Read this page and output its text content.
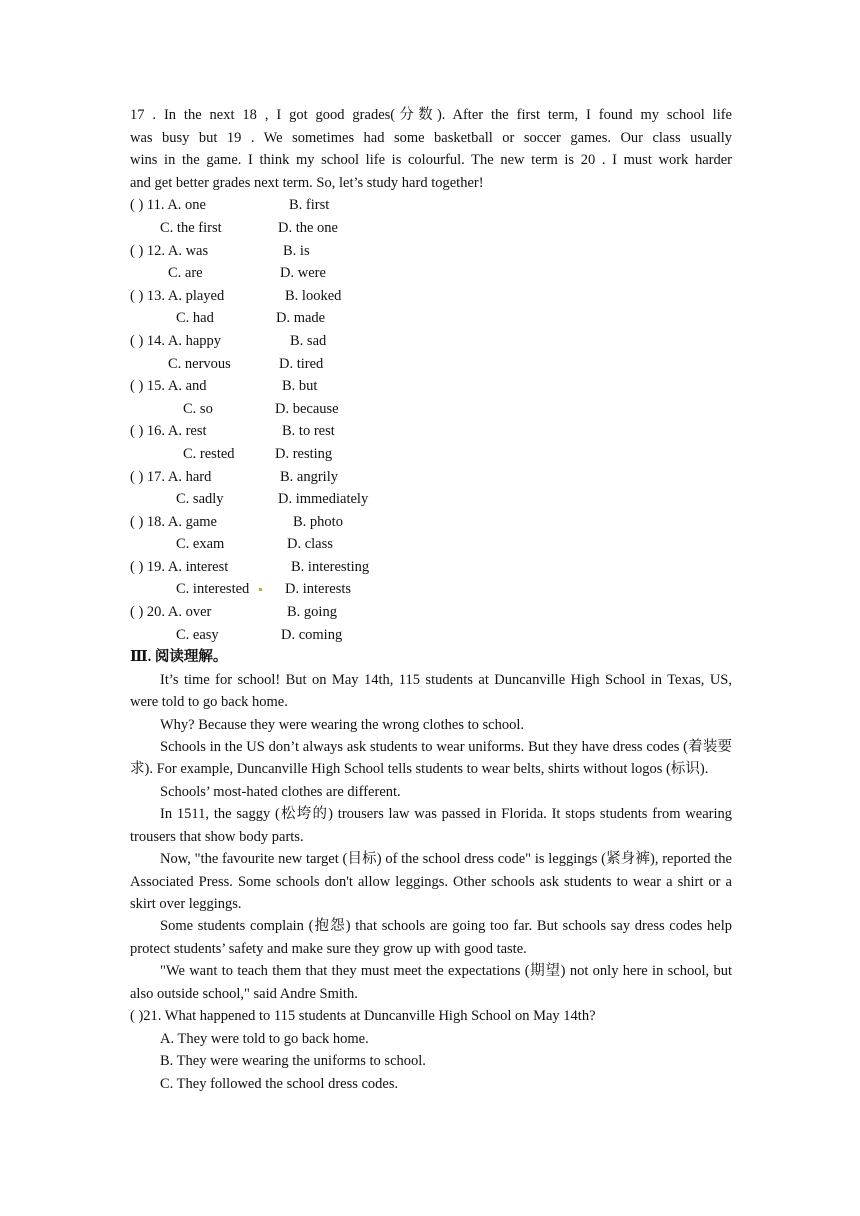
17 . In the next 18 , I got good grades(分数). After the first term, I found my school life
was busy but 19 . We sometimes had some basketball or soccer games. Our class usually
wins in the game. I think my school life is colourful. The new term is 20 . I must work harder
and get better grades next term. So, let’s study hard together!
( ) 11. A. one	B. first
C. the first	D. the one
( ) 12. A. was	B. is
C. are	D. were
( ) 13. A. played	B. looked
C. had	D. made
( ) 14. A. happy	B. sad
C. nervous	D. tired
( ) 15. A. and	B. but
C. so	D. because
( ) 16. A. rest	B. to rest
C. rested	D. resting
( ) 17. A. hard	B. angrily
C. sadly	D. immediately
( ) 18. A. game	B. photo
C. exam	D. class
( ) 19. A. interest	B. interesting
C. interested D. interests
( ) 20. A. over	B. going
C. easy	D. coming
Ⅲ. 阅读理解。
It’s time for school! But on May 14th, 115 students at Duncanville High School in Texas, US, were told to go back home.
Why? Because they were wearing the wrong clothes to school.
Schools in the US don’t always ask students to wear uniforms. But they have dress codes (着装要求). For example, Duncanville High School tells students to wear belts, shirts without logos (标识).
Schools’ most-hated clothes are different.
In 1511, the saggy (松垮的) trousers law was passed in Florida. It stops students from wearing trousers that show body parts.
Now, "the favourite new target (目标) of the school dress code" is leggings (紧身裤), reported the Associated Press. Some schools don't allow leggings. Other schools ask students to wear a shirt or a skirt over leggings.
Some students complain (抱怨) that schools are going too far. But schools say dress codes help protect students’ safety and make sure they grow up with good taste.
"We want to teach them that they must meet the expectations (期望) not only here in school, but also outside school," said Andre Smith.
( )21. What happened to 115 students at Duncanville High School on May 14th?
A. They were told to go back home.
B. They were wearing the uniforms to school.
C. They followed the school dress codes.
